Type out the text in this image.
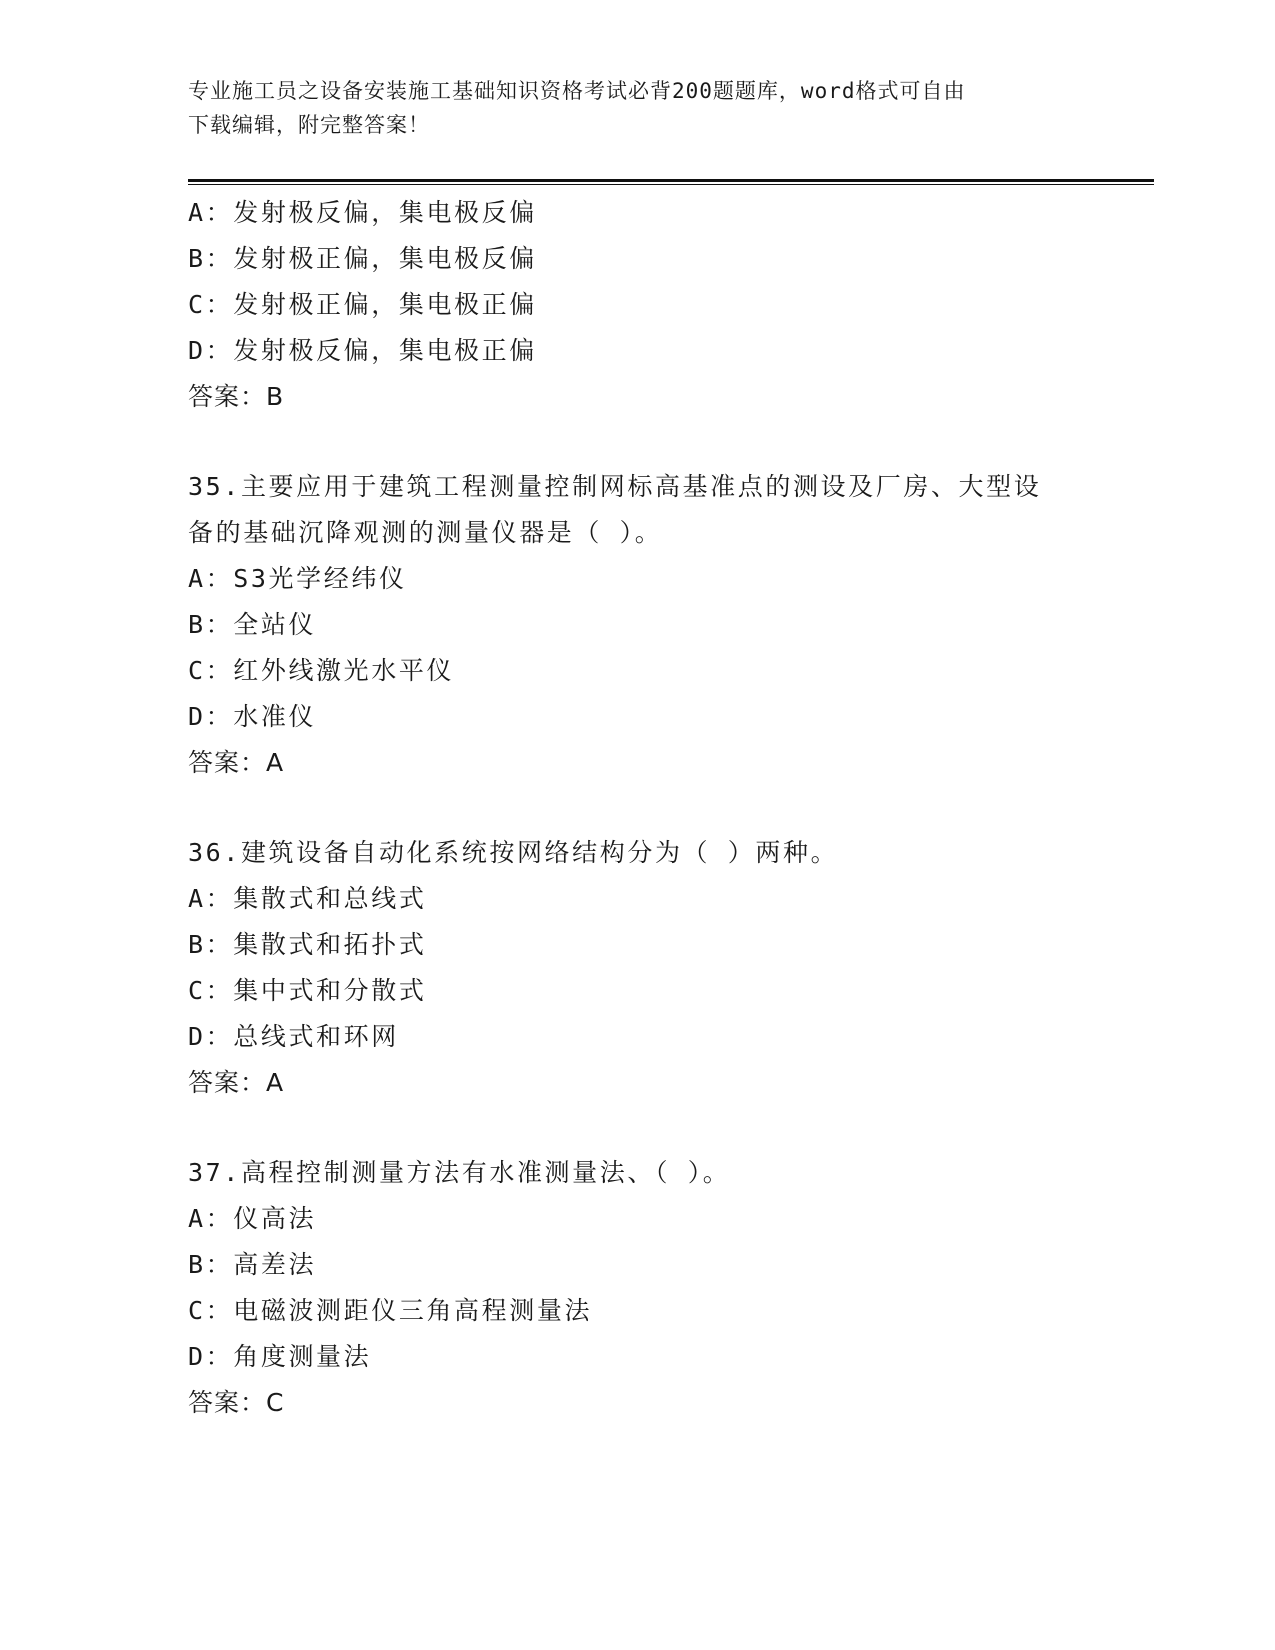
专业施工员之设备安装施工基础知识资格考试必背200题题库，word格式可自由
下载编辑，附完整答案！
A：发射极反偏，集电极反偏
B：发射极正偏，集电极反偏
C：发射极正偏，集电极正偏
D：发射极反偏，集电极正偏
答案：B
35.主要应用于建筑工程测量控制网标高基准点的测设及厂房、大型设
备的基础沉降观测的测量仪器是（ ）。
A：S3光学经纬仪
B：全站仪
C：红外线激光水平仪
D：水准仪
答案：A
36.建筑设备自动化系统按网络结构分为（ ）两种。
A：集散式和总线式
B：集散式和拓扑式
C：集中式和分散式
D：总线式和环网
答案：A
37.高程控制测量方法有水准测量法、（ ）。
A：仪高法
B：高差法
C：电磁波测距仪三角高程测量法
D：角度测量法
答案：C
